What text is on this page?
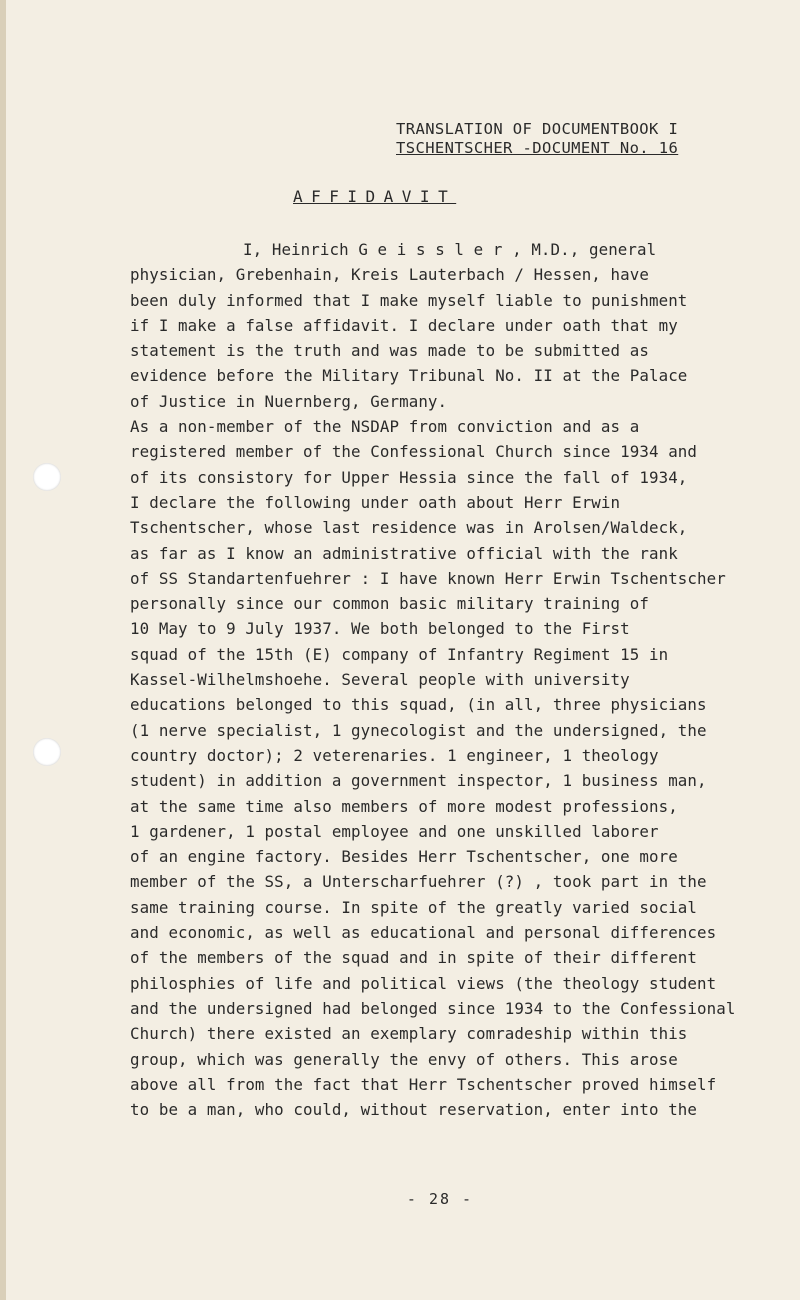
TRANSLATION OF DOCUMENTBOOK I
TSCHENTSCHER -DOCUMENT No. 16
AFFIDAVIT
I, Heinrich G e i s s l e r , M.D., general
physician, Grebenhain, Kreis Lauterbach / Hessen, have
been duly informed that I make myself liable to punishment
if I make a false affidavit. I declare under oath that my
statement is the truth and was made to be submitted as
evidence before the Military Tribunal No. II at the Palace
of Justice in Nuernberg, Germany.
As a non-member of the NSDAP from conviction and as a
registered member of the Confessional Church since 1934 and
of its consistory for Upper Hessia since the fall of 1934,
I declare the following under oath about Herr Erwin
Tschentscher, whose last residence was in Arolsen/Waldeck,
as far as I know an administrative official with the rank
of SS Standartenfuehrer : I have known Herr Erwin Tschentscher
personally since our common basic military training of
10 May to 9 July 1937. We both belonged to the First
squad of the 15th (E) company of Infantry Regiment 15 in
Kassel-Wilhelmshoehe. Several people with university
educations belonged to this squad, (in all, three physicians
(1 nerve specialist, 1 gynecologist and the undersigned, the
country doctor); 2 veterenaries. 1 engineer, 1 theology
student) in addition a government inspector, 1 business man,
at the same time also members of more modest professions,
1 gardener, 1 postal employee and one unskilled laborer
of an engine factory. Besides Herr Tschentscher, one more
member of the SS, a Unterscharfuehrer (?) , took part in the
same training course. In spite of the greatly varied social
and economic, as well as educational and personal differences
of the members of the squad and in spite of their different
philosphies of life and political views (the theology student
and the undersigned had belonged since 1934 to the Confessional
Church) there existed an exemplary comradeship within this
group, which was generally the envy of others. This arose
above all from the fact that Herr Tschentscher proved himself
to be a man, who could, without reservation, enter into the
- 28 -
